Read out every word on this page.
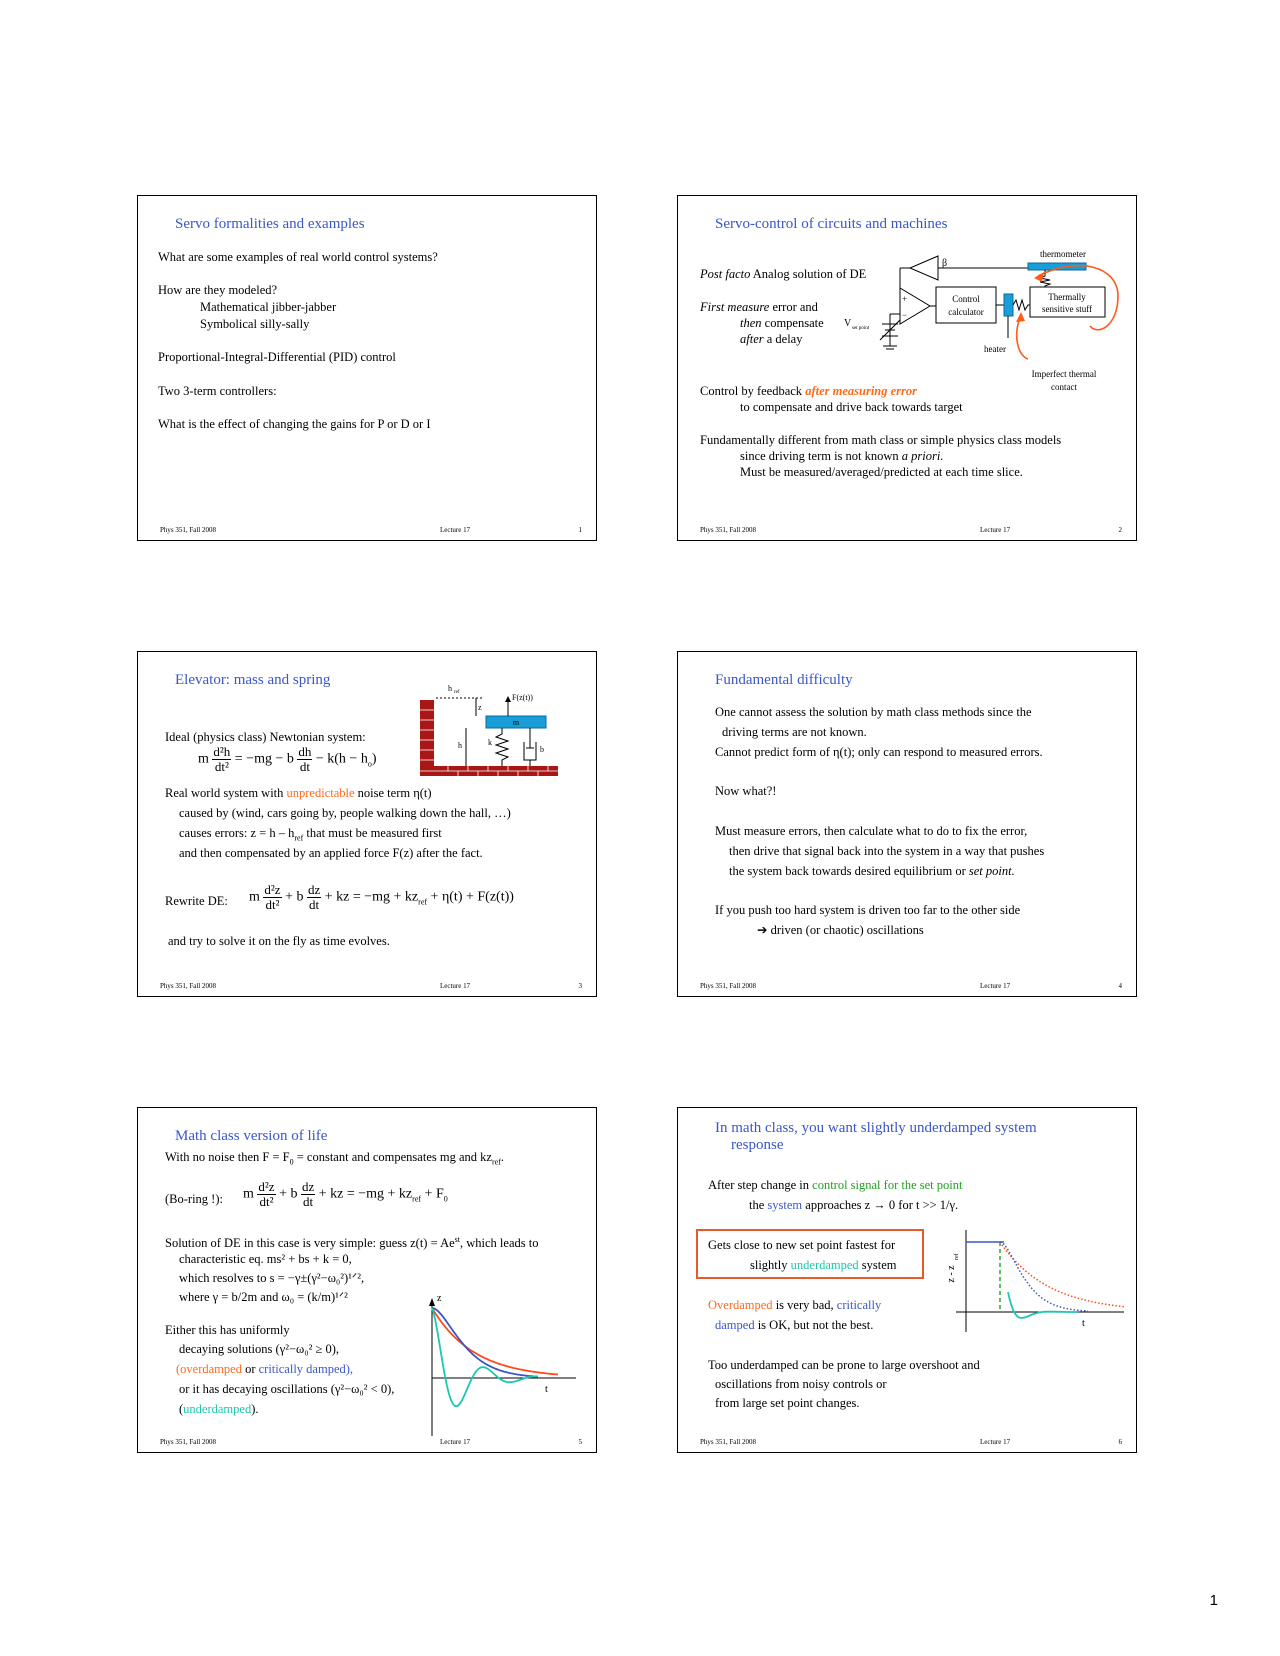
Servo formalities and examples
What are some examples of real world control systems?
How are they modeled?
Mathematical jibber-jabber
Symbolical silly-sally
Proportional-Integral-Differential (PID) control
Two 3-term controllers:
What is the effect of changing the gains for P or D or I
Phys 351, Fall 2008	Lecture 17	1
Servo-control of circuits and machines
β
thermometer
+
−
Control
calculator
heater
Thermally
sensitive stuff
V set point
Imperfect thermal
contact
Post facto Analog solution of DE
First measure error and
then compensate
after a delay
Control by feedback after measuring error
to compensate and drive back towards target
Fundamentally different from math class or simple physics class models
since driving term is not known a priori.
Must be measured/averaged/predicted at each time slice.
Phys 351, Fall 2008	Lecture 17	2
Elevator: mass and spring
h ref
z
m
F(z(t))
h	k
b
Ideal (physics class) Newtonian system:
m $\frac{\text{d²h}}{\text{dt²}} = -mg - b \frac{dh}{dt} - k(h - h_o)$
Real world system with unpredictable noise term η(t)
caused by (wind, cars going by, people walking down the hall, …)
causes errors: $z = h - h_{ref}$ that must be measured first
and then compensated by an applied force F(z) after the fact.
Rewrite DE: m $\frac{\text{d²z}}{\text{dt²}} + b \frac{dz}{dt}$ + kz = $-mg + kz_{ref} + \eta(t) + F(z(t))$
and try to solve it on the fly as time evolves.
Phys 351, Fall 2008	Lecture 17	3
Fundamental difficulty
One cannot assess the solution by math class methods since the
driving terms are not known.
Cannot predict form of η(t); only can respond to measured errors.
Now what?!
Must measure errors, then calculate what to do to fix the error,
then drive that signal back into the system in a way that pushes
the system back towards desired equilibrium or set point.
If you push too hard system is driven too far to the other side
➔ driven (or chaotic) oscillations
Phys 351, Fall 2008	Lecture 17	4
Math class version of life
With no noise then $F = F_0$ = constant and compensates mg and $kz_{ref}$.
(Bo-ring !): m $\frac{\text{d²z}}{\text{dt²}} + b \frac{dz}{dt}$ + kz = $-mg + kz_{ref} + F_0$
Solution of DE in this case is very simple: guess $z(t) = Ae^{st}$, which leads to
characteristic eq. ms² + bs + k = 0,
which resolves to s = −γ±(γ²−ω₀²)¹ᐟ²,
where γ = b/2m and ω₀ = (k/m)¹ᐟ²
Either this has uniformly
decaying solutions (γ²−ω₀² ≥ 0),
(overdamped or critically damped),
or it has decaying oscillations (γ²−ω₀² < 0),
(underdamped).
z
t
Phys 351, Fall 2008	Lecture 17	5
In math class, you want slightly underdamped system
response
After step change in control signal for the set point
the system approaches z → 0 for t >> 1/γ.
Gets close to new set point fastest for
slightly underdamped system
Overdamped is very bad, critically
damped is OK, but not the best.
Too underdamped can be prone to large overshoot and
oscillations from noisy controls or
from large set point changes.
z - z
ref
t
Phys 351, Fall 2008	Lecture 17	6
1
